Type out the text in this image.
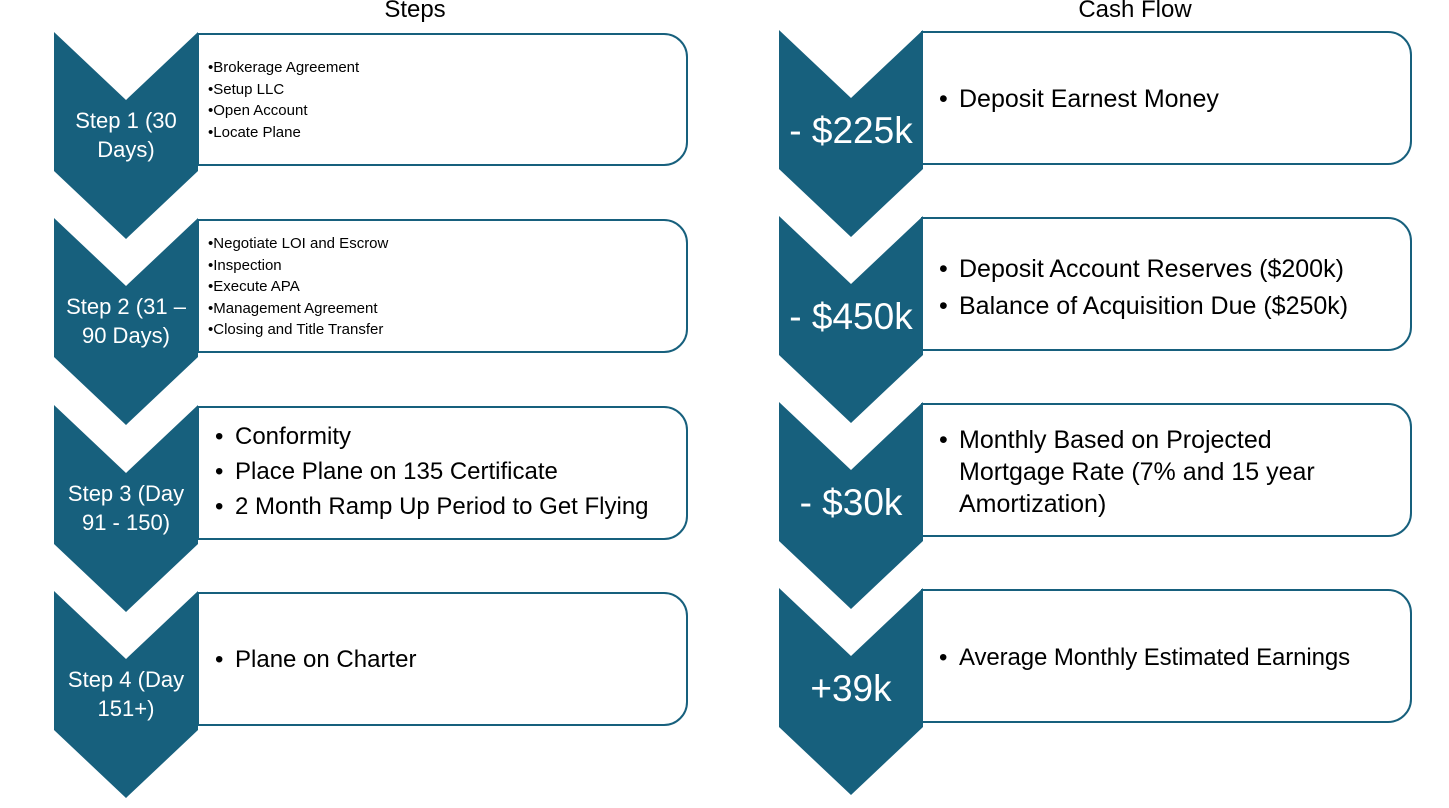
Steps	Cash Flow
• Brokerage Agreement
• Setup LLC
• Open Account
• Locate Plane
Step 1 (30 Days)
• Negotiate LOI and Escrow
• Inspection
• Execute APA
• Management Agreement
• Closing and Title Transfer
Step 2 (31 – 90 Days)
• Conformity
• Place Plane on 135 Certificate
• 2 Month Ramp Up Period to Get Flying
Step 3 (Day 91 - 150)
• Plane on Charter
Step 4 (Day 151+)
• Deposit Earnest Money
- $225k
• Deposit Account Reserves ($200k)
• Balance of Acquisition Due ($250k)
- $450k
• Monthly Based on Projected Mortgage Rate (7% and 15 year Amortization)
- $30k
• Average Monthly Estimated Earnings
+39k
